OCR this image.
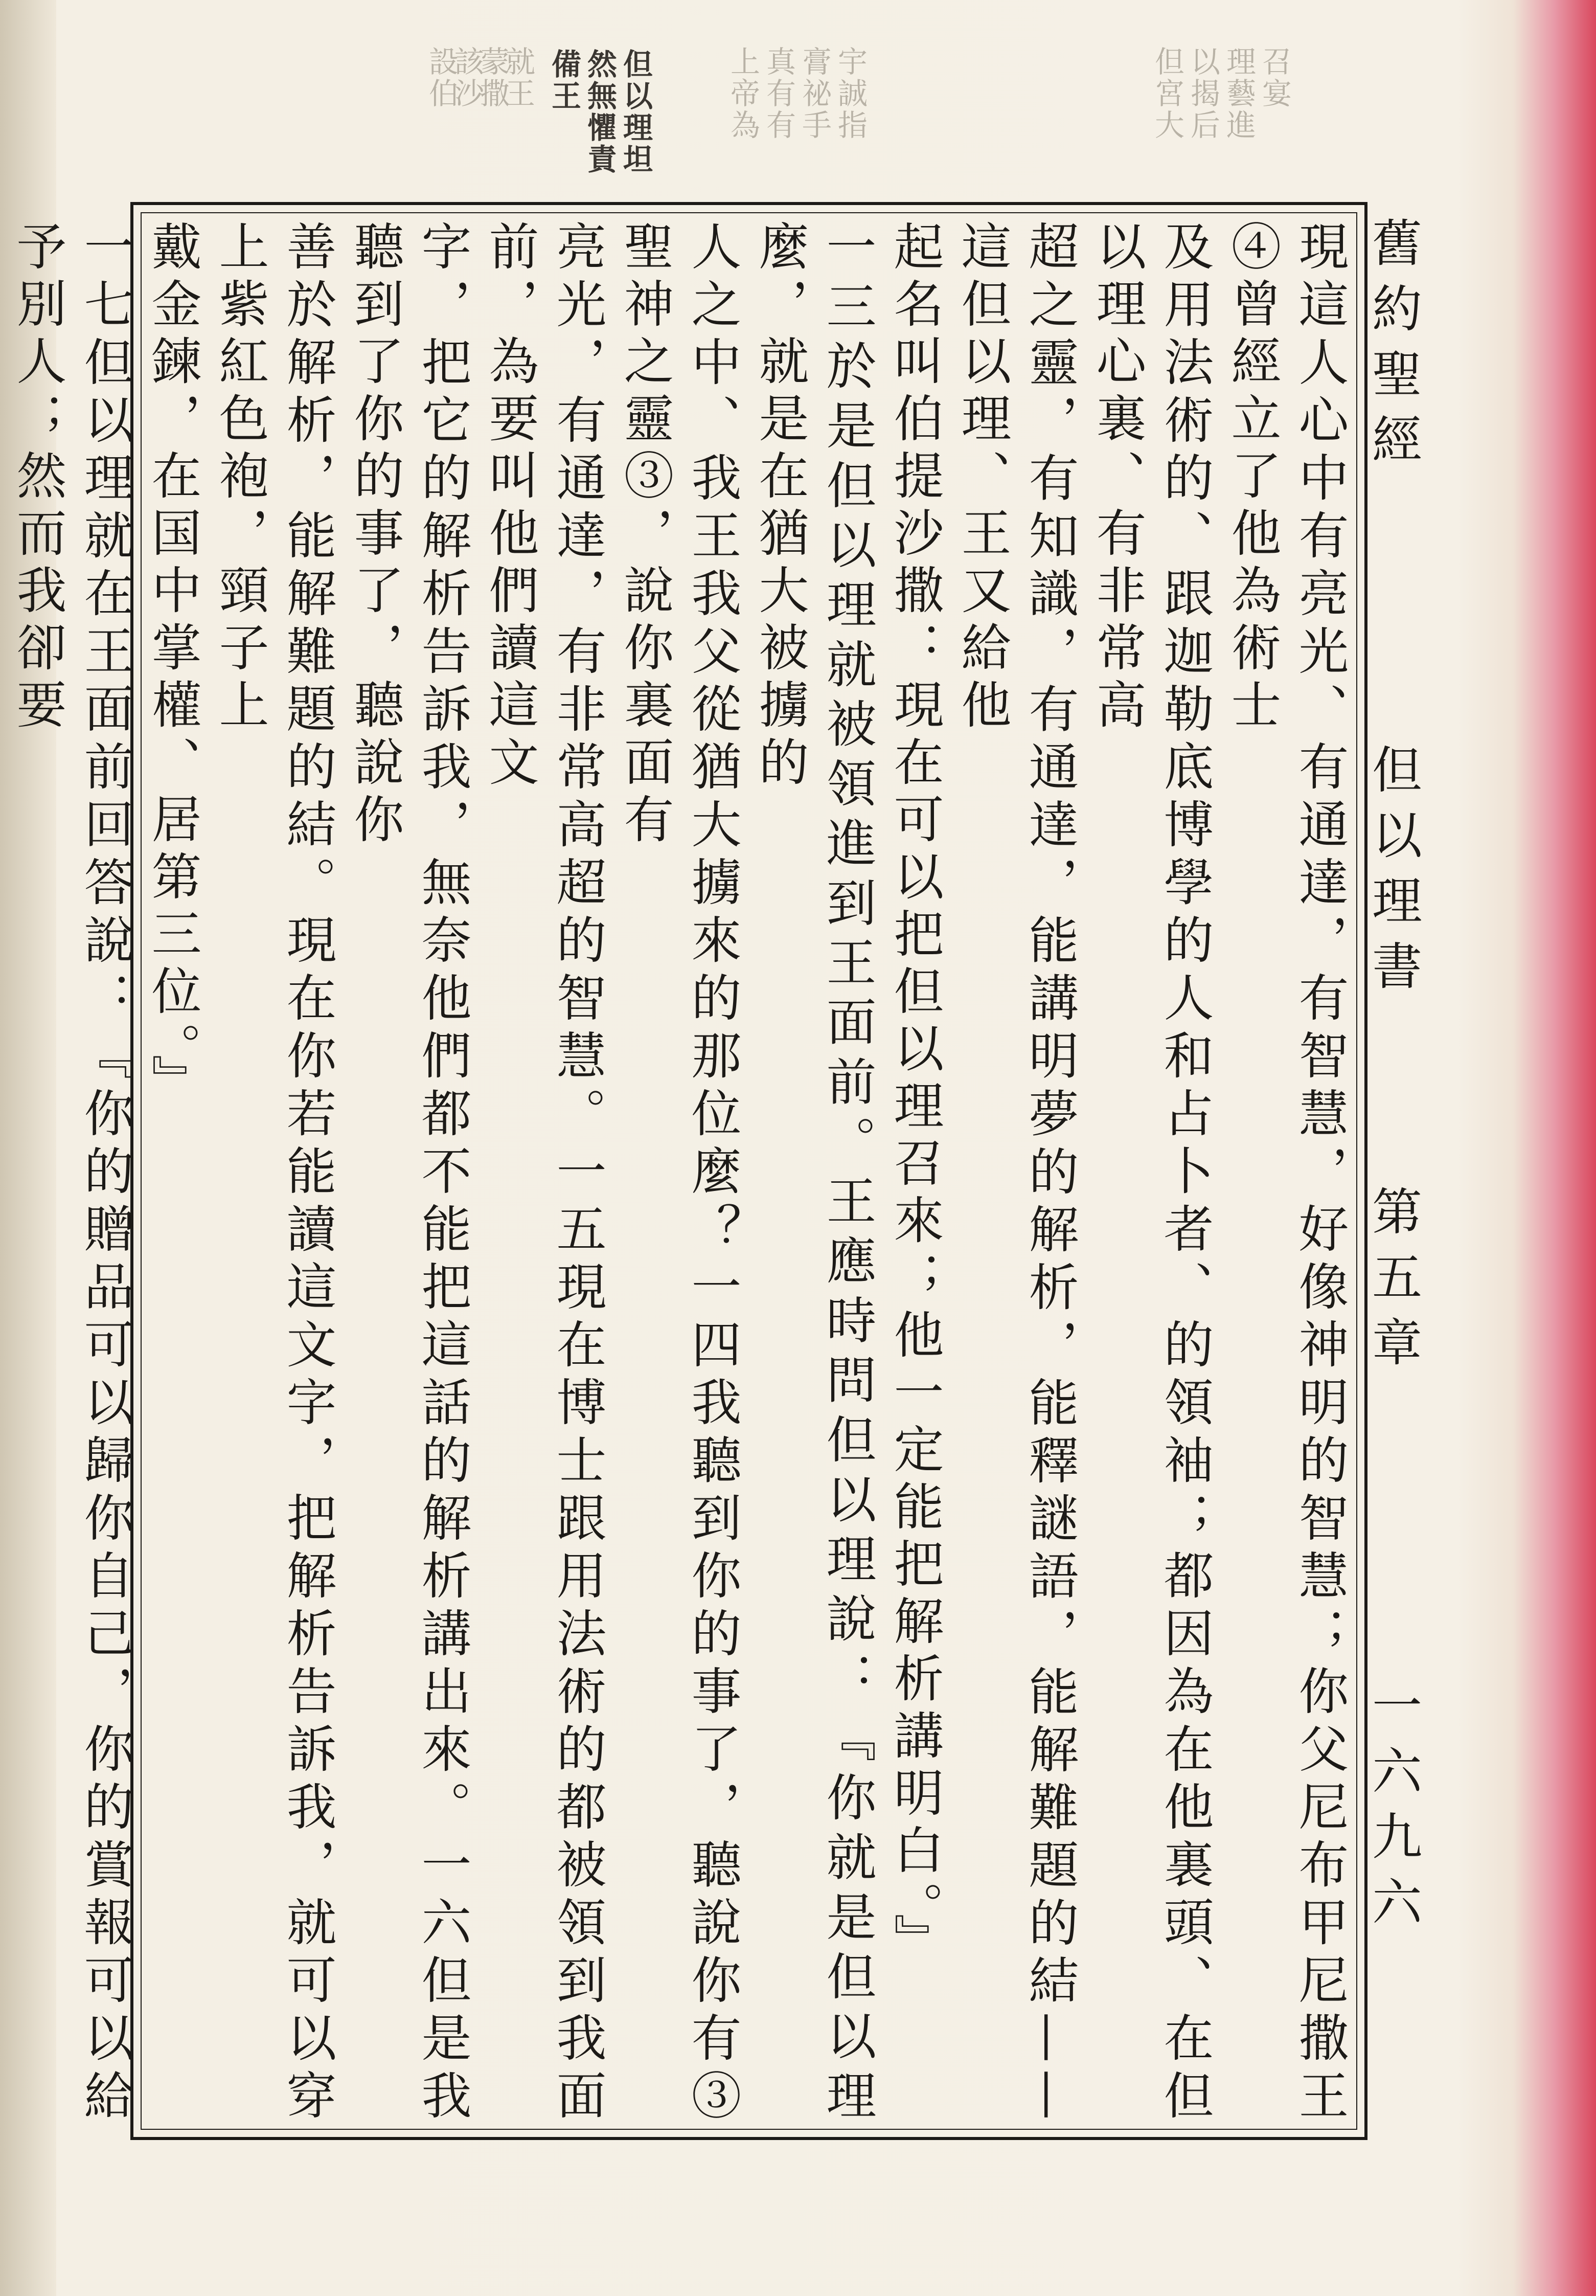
設伯
該沙
蒙撒
就王	但以理坦
然無懼責
備王	上帝為 真有有 膏祕手 宇誠指	但宮大 以揭后 理藝進 召宴
舊約聖經
但以理書
第五章
一六九六
現這人心中有亮光、有通達，有智慧，好像神明的智慧；你父尼布甲尼撒王④曾經立了他為術士
及用法術的、跟迦勒底博學的人和占卜者、的領袖；都因為在他裏頭、在但以理心裏、有非常高
超之靈，有知識，有通達，能講明夢的解析，能釋謎語，能解難題的結——這但以理、王又給他
起名叫伯提沙撒：現在可以把但以理召來；他一定能把解析講明白。』
一三於是但以理就被領進到王面前。王應時問但以理說：『你就是但以理麼，就是在猶大被擄的
人之中、我王我父從猶大擄來的那位麼？一四我聽到你的事了，聽說你有③聖神之靈③，說你裏面有
亮光，有通達，有非常高超的智慧。一五現在博士跟用法術的都被領到我面前，為要叫他們讀這文
字，把它的解析告訴我，無奈他們都不能把這話的解析講出來。一六但是我聽到了你的事了，聽說你
善於解析，能解難題的結。現在你若能讀這文字，把解析告訴我，就可以穿上紫紅色袍，頸子上
戴金鍊，在国中掌權、居第三位。』
一七但以理就在王面前回答說：『你的贈品可以歸你自己，你的賞報可以給予別人；然而我卻要
